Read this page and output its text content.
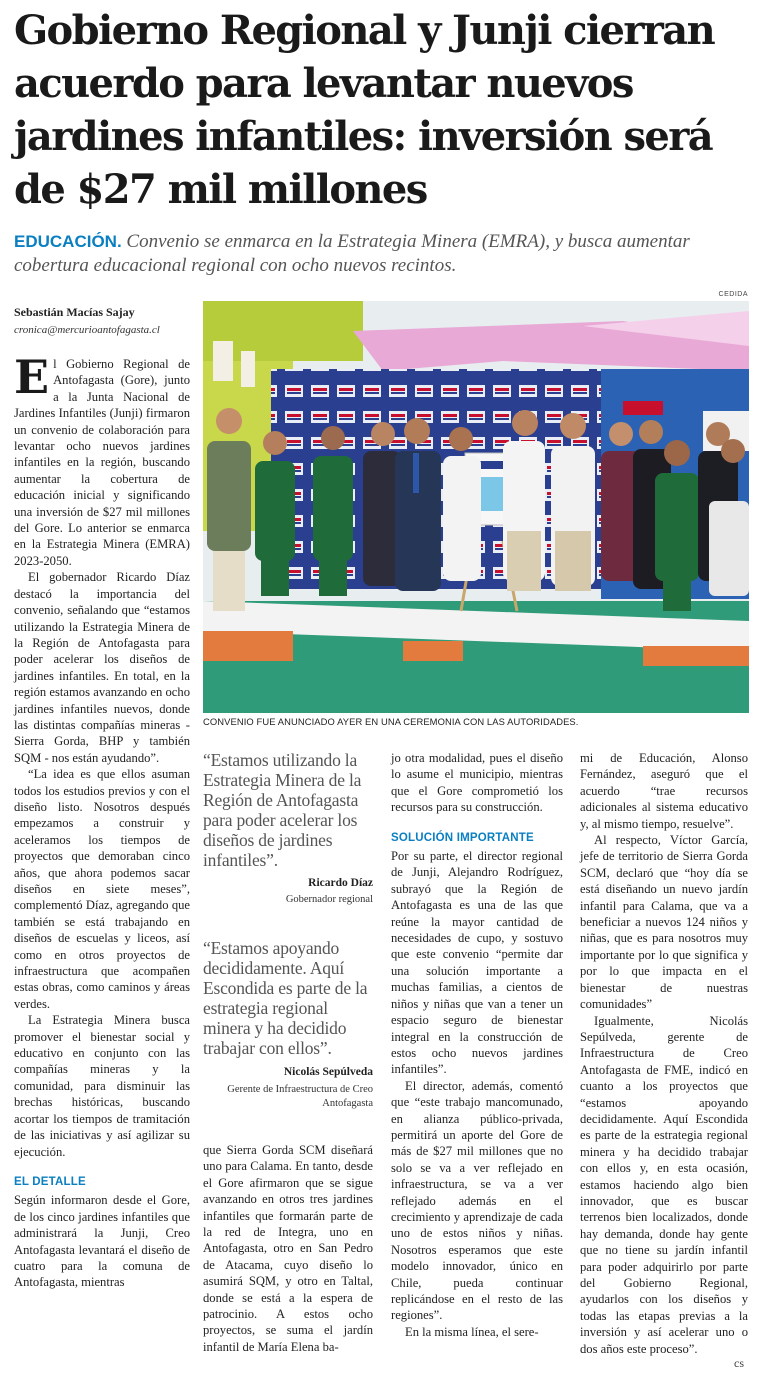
Gobierno Regional y Junji cierran acuerdo para levantar nuevos jardines infantiles: inversión será de $27 mil millones
EDUCACIÓN. Convenio se enmarca en la Estrategia Minera (EMRA), y busca aumentar cobertura educacional regional con ocho nuevos recintos.
Sebastián Macías Sajay
cronica@mercurioantofagasta.cl
CEDIDA
CONVENIO FUE ANUNCIADO AYER EN UNA CEREMONIA CON LAS AUTORIDADES.

El Gobierno Regional de Antofagasta (Gore), junto a la Junta Nacional de Jardines Infantiles (Junji) firmaron un convenio de colaboración para levantar ocho nuevos jardines infantiles en la región, buscando aumentar la cobertura de educación inicial y significando una inversión de $27 mil millones del Gore. Lo anterior se enmarca en la Estrategia Minera (EMRA) 2023-2050.

El gobernador Ricardo Díaz destacó la importancia del convenio, señalando que “estamos utilizando la Estrategia Minera de la Región de Antofagasta para poder acelerar los diseños de jardines infantiles. En total, en la región estamos avanzando en ocho jardines infantiles nuevos, donde las distintas compañías mineras - Sierra Gorda, BHP y también SQM - nos están ayudando”.

“La idea es que ellos asuman todos los estudios previos y con el diseño listo. Nosotros después empezamos a construir y aceleramos los tiempos de proyectos que demoraban cinco años, que ahora podemos sacar diseños en siete meses”, complementó Díaz, agregando que también se está trabajando en diseños de escuelas y liceos, así como en otros proyectos de infraestructura que acompañen estas obras, como caminos y áreas verdes.

La Estrategia Minera busca promover el bienestar social y educativo en conjunto con las compañías mineras y la comunidad, para disminuir las brechas históricas, buscando acortar los tiempos de tramitación de las iniciativas y así agilizar su ejecución.

EL DETALLE

Según informaron desde el Gore, de los cinco jardines infantiles que administrará la Junji, Creo Antofagasta levantará el diseño de cuatro para la comuna de Antofagasta, mientras

“Estamos utilizando la Estrategia Minera de la Región de Antofagasta para poder acelerar los diseños de jardines infantiles”.
Ricardo Díaz
Gobernador regional
“Estamos apoyando decididamente. Aquí Escondida es parte de la estrategia regional minera y ha decidido trabajar con ellos”.
Nicolás Sepúlveda
Gerente de Infraestructura de Creo Antofagasta

que Sierra Gorda SCM diseñará uno para Calama. En tanto, desde el Gore afirmaron que se sigue avanzando en otros tres jardines infantiles que formarán parte de la red de Integra, uno en Antofagasta, otro en San Pedro de Atacama, cuyo diseño lo asumirá SQM, y otro en Taltal, donde se está a la espera de patrocinio. A estos ocho proyectos, se suma el jardín infantil de María Elena ba-

jo otra modalidad, pues el diseño lo asume el municipio, mientras que el Gore comprometió los recursos para su construcción.

SOLUCIÓN IMPORTANTE

Por su parte, el director regional de Junji, Alejandro Rodríguez, subrayó que la Región de Antofagasta es una de las que reúne la mayor cantidad de necesidades de cupo, y sostuvo que este convenio “permite dar una solución importante a muchas familias, a cientos de niños y niñas que van a tener un espacio seguro de bienestar integral en la construcción de estos ocho nuevos jardines infantiles”.

El director, además, comentó que “este trabajo mancomunado, en alianza público-privada, permitirá un aporte del Gore de más de $27 mil millones que no solo se va a ver reflejado en infraestructura, se va a ver reflejado además en el crecimiento y aprendizaje de cada uno de estos niños y niñas. Nosotros esperamos que este modelo innovador, único en Chile, pueda continuar replicándose en el resto de las regiones”.

En la misma línea, el sere-

mi de Educación, Alonso Fernández, aseguró que el acuerdo “trae recursos adicionales al sistema educativo y, al mismo tiempo, resuelve”.

Al respecto, Víctor García, jefe de territorio de Sierra Gorda SCM, declaró que “hoy día se está diseñando un nuevo jardín infantil para Calama, que va a beneficiar a nuevos 124 niños y niñas, que es para nosotros muy importante por lo que significa y por lo que impacta en el bienestar de nuestras comunidades”

Igualmente, Nicolás Sepúlveda, gerente de Infraestructura de Creo Antofagasta de FME, indicó en cuanto a los proyectos que “estamos apoyando decididamente. Aquí Escondida es parte de la estrategia regional minera y ha decidido trabajar con ellos y, en esta ocasión, estamos haciendo algo bien innovador, que es buscar terrenos bien localizados, donde hay demanda, donde hay gente que no tiene su jardín infantil para poder adquirirlo por parte del Gobierno Regional, ayudarlos con los diseños y todas las etapas previas a la inversión y así acelerar uno o dos años este proceso”.

cs
